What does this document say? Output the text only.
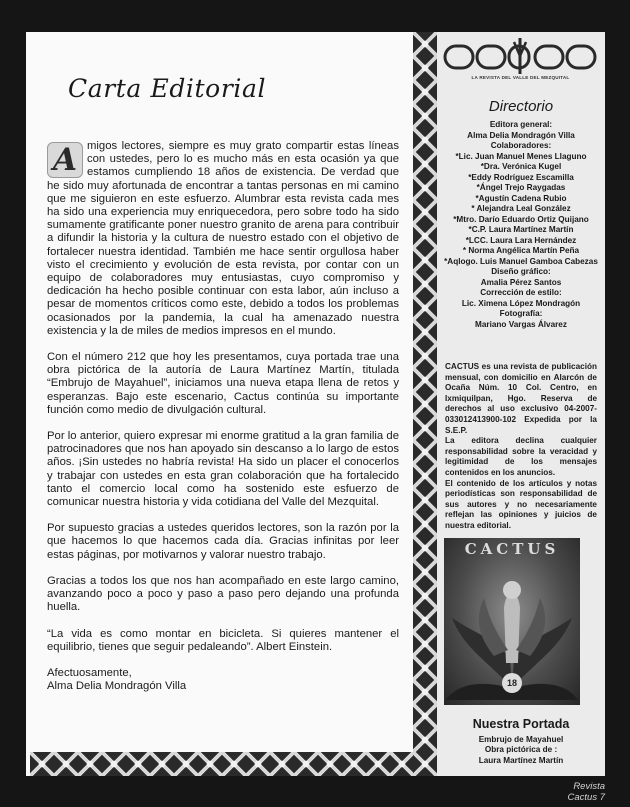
Carta Editorial

A migos lectores, siempre es muy grato compartir estas líneas con ustedes, pero lo es mucho más en esta ocasión ya que estamos cumpliendo 18 años de existencia. De verdad que he sido muy afortunada de encontrar a tantas personas en mi camino que me siguieron en este esfuerzo. Alumbrar esta revista cada mes ha sido una experiencia muy enriquecedora, pero sobre todo ha sido sumamente gratificante poner nuestro granito de arena para contribuir a difundir la historia y la cultura de nuestro estado con el objetivo de fortalecer nuestra identidad. También me hace sentir orgullosa haber visto el crecimiento y evolución de esta revista, por contar con un equipo de colaboradores muy entusiastas, cuyo compromiso y dedicación ha hecho posible continuar con esta labor, aún incluso a pesar de momentos críticos como este, debido a todos los problemas ocasionados por la pandemia, la cual ha amenazado nuestra existencia y la de miles de medios impresos en el mundo.

Con el número 212 que hoy les presentamos, cuya portada trae una obra pictórica de la autoría de Laura Martínez Martín, titulada “Embrujo de Mayahuel”, iniciamos una nueva etapa llena de retos y esperanzas. Bajo este escenario, Cactus continúa su importante función como medio de divulgación cultural.

Por lo anterior, quiero expresar mi enorme gratitud a la gran familia de patrocinadores que nos han apoyado sin descanso a lo largo de estos años. ¡Sin ustedes no habría revista! Ha sido un placer el conocerlos y trabajar con ustedes en esta gran colaboración que ha fortalecido tanto el comercio local como ha sostenido este esfuerzo de comunicar nuestra historia y vida cotidiana del Valle del Mezquital.

Por supuesto gracias a ustedes queridos lectores, son la razón por la que hacemos lo que hacemos cada día. Gracias infinitas por leer estas páginas, por motivarnos y valorar nuestro trabajo.

Gracias a todos los que nos han acompañado en este largo camino, avanzando poco a poco y paso a paso pero dejando una profunda huella.

“La vida es como montar en bicicleta. Si quieres mantener el equilibrio, tienes que seguir pedaleando”. Albert Einstein.

Afectuosamente,
Alma Delia Mondragón Villa
LA REVISTA DEL VALLE DEL MEZQUITAL
Directorio
Editora general:
Alma Delia Mondragón Villa
Colaboradores:
*Lic. Juan Manuel Menes Llaguno
*Dra. Verónica Kugel
*Eddy Rodríguez Escamilla
*Ángel Trejo Raygadas
*Agustín Cadena Rubio
* Alejandra Leal González
*Mtro. Darío Eduardo Ortiz Quijano
*C.P. Laura Martínez Martín
*LCC. Laura Lara Hernández
* Norma Angélica Martín Peña
*Aqlogo. Luis Manuel Gamboa Cabezas
Diseño gráfico:
Amalia Pérez Santos
Corrección de estilo:
Lic. Ximena López Mondragón
Fotografía:
Mariano Vargas Álvarez

CACTUS es una revista de publicación mensual, con domicilio en Alarcón de Ocaña Núm. 10 Col. Centro, en Ixmiquilpan, Hgo. Reserva de derechos al uso exclusivo 04-2007-033012413900-102 Expedida por la S.E.P.

La editora declina cualquier responsabilidad sobre la veracidad y legitimidad de los mensajes contenidos en los anuncios.

El contenido de los artículos y notas periodísticas son responsabilidad de sus autores y no necesariamente reflejan las opiniones y juicios de nuestra editorial.

CACTUS
18
Nuestra Portada
Embrujo de Mayahuel
Obra pictórica de :
Laura Martínez Martín
Revista Cactus 7
